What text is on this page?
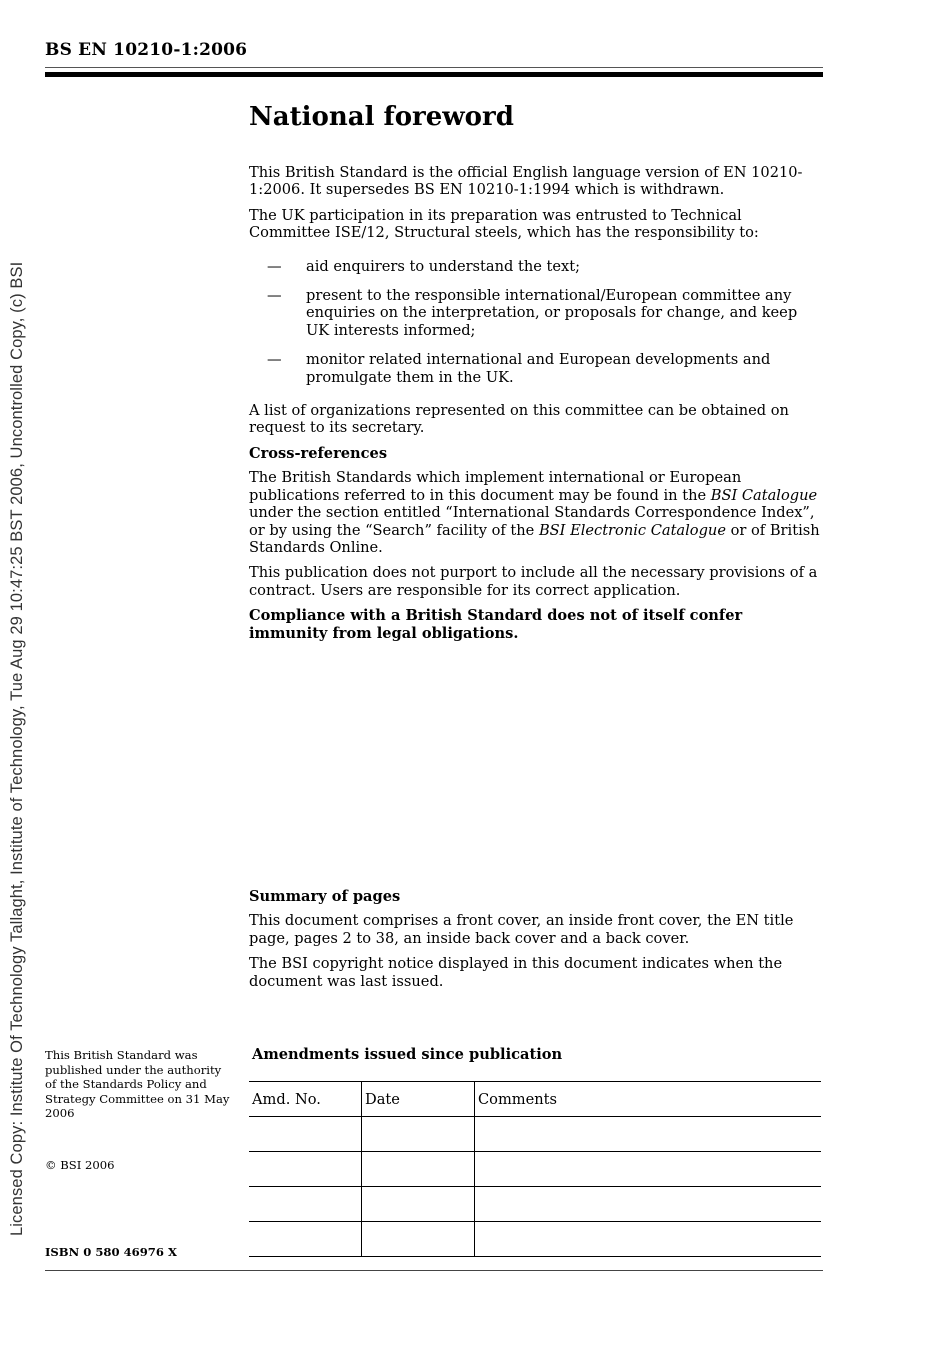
BS EN 10210-1:2006
Licensed Copy: Institute Of Technology Tallaght, Institute of Technology, Tue Aug 29 10:47:25 BST 2006, Uncontrolled Copy, (c) BSI
National foreword

This British Standard is the official English language version of EN 10210-1:2006. It supersedes BS EN 10210-1:1994 which is withdrawn.

The UK participation in its preparation was entrusted to Technical Committee ISE/12, Structural steels, which has the responsibility to:

— aid enquirers to understand the text;
— present to the responsible international/European committee any enquiries on the interpretation, or proposals for change, and keep UK interests informed;
— monitor related international and European developments and promulgate them in the UK.

A list of organizations represented on this committee can be obtained on request to its secretary.

Cross-references

The British Standards which implement international or European publications referred to in this document may be found in the BSI Catalogue under the section entitled “International Standards Correspondence Index”, or by using the “Search” facility of the BSI Electronic Catalogue or of British Standards Online.

This publication does not purport to include all the necessary provisions of a contract. Users are responsible for its correct application.

Compliance with a British Standard does not of itself confer immunity from legal obligations.

Summary of pages

This document comprises a front cover, an inside front cover, the EN title page, pages 2 to 38, an inside back cover and a back cover.

The BSI copyright notice displayed in this document indicates when the document was last issued.

This British Standard was published under the authority of the Standards Policy and Strategy Committee on 31 May 2006
© BSI 2006
ISBN 0 580 46976 X
Amendments issued since publication
Amd. No.	Date	Comments
